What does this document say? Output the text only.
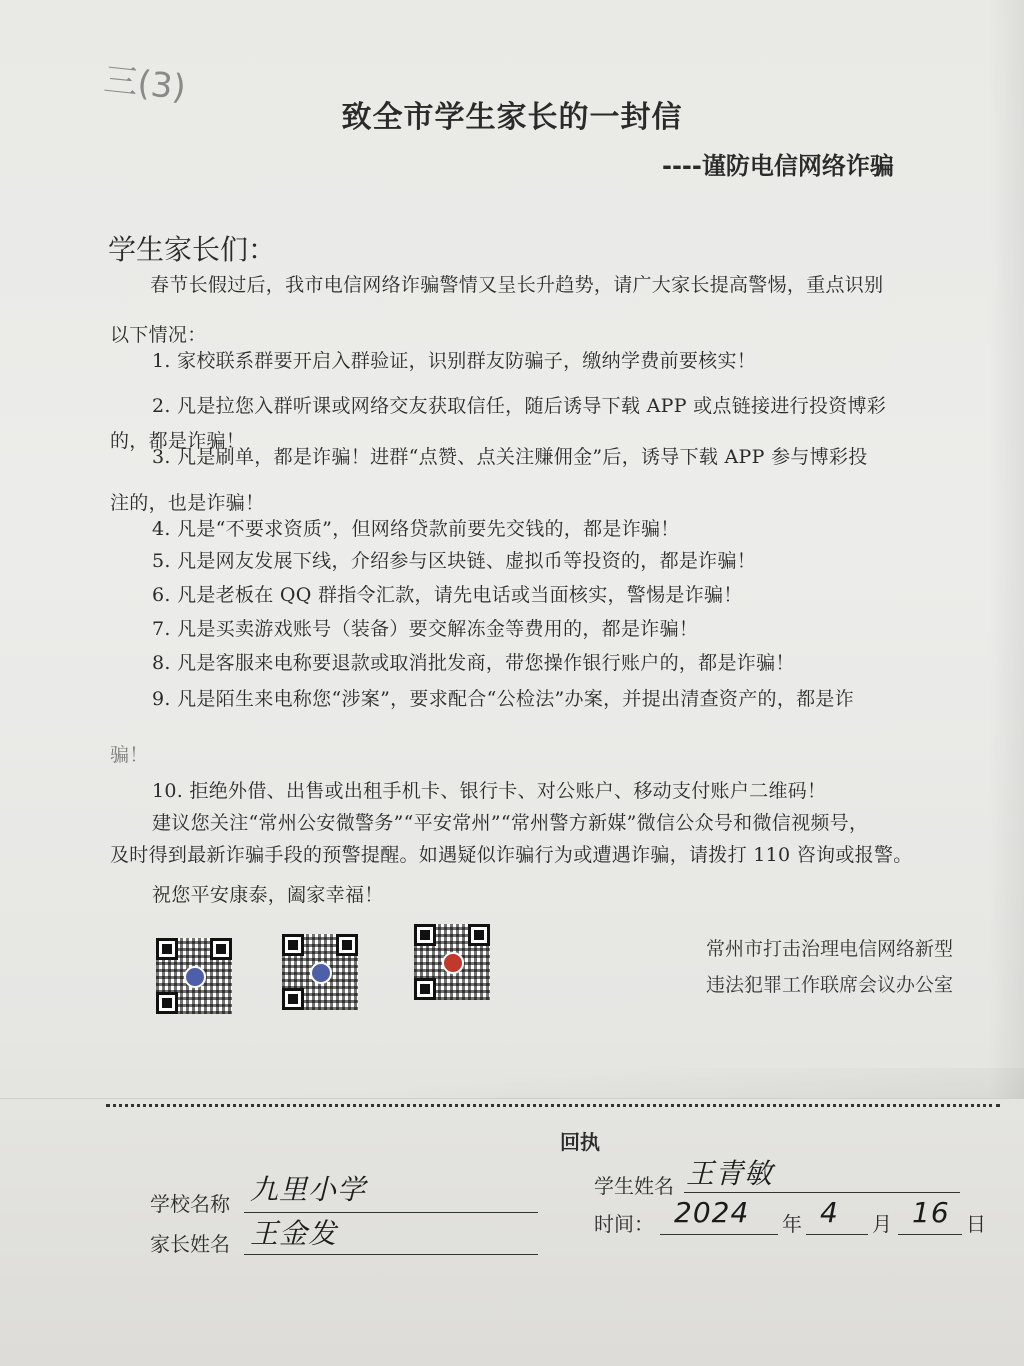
三(3)
致全市学生家长的一封信
----谨防电信网络诈骗
学生家长们：
春节长假过后，我市电信网络诈骗警情又呈长升趋势，请广大家长提高警惕，重点识别
以下情况：
1. 家校联系群要开启入群验证，识别群友防骗子，缴纳学费前要核实！
2. 凡是拉您入群听课或网络交友获取信任，随后诱导下载 APP 或点链接进行投资博彩
的，都是诈骗！
3. 凡是刷单，都是诈骗！进群“点赞、点关注赚佣金”后，诱导下载 APP 参与博彩投
注的，也是诈骗！
4. 凡是“不要求资质”，但网络贷款前要先交钱的，都是诈骗！
5. 凡是网友发展下线，介绍参与区块链、虚拟币等投资的，都是诈骗！
6. 凡是老板在 QQ 群指令汇款，请先电话或当面核实，警惕是诈骗！
7. 凡是买卖游戏账号（装备）要交解冻金等费用的，都是诈骗！
8. 凡是客服来电称要退款或取消批发商，带您操作银行账户的，都是诈骗！
9. 凡是陌生来电称您“涉案”，要求配合“公检法”办案，并提出清查资产的，都是诈
骗！
10. 拒绝外借、出售或出租手机卡、银行卡、对公账户、移动支付账户二维码！
建议您关注“常州公安微警务”“平安常州”“常州警方新媒”微信公众号和微信视频号，
及时得到最新诈骗手段的预警提醒。如遇疑似诈骗行为或遭遇诈骗，请拨打 110 咨询或报警。
祝您平安康泰，阖家幸福！
常州市打击治理电信网络新型
违法犯罪工作联席会议办公室
回执
学校名称 九里小学
家长姓名 王金发
学生姓名 王青敏
时间： 2024 年 4 月 16 日
